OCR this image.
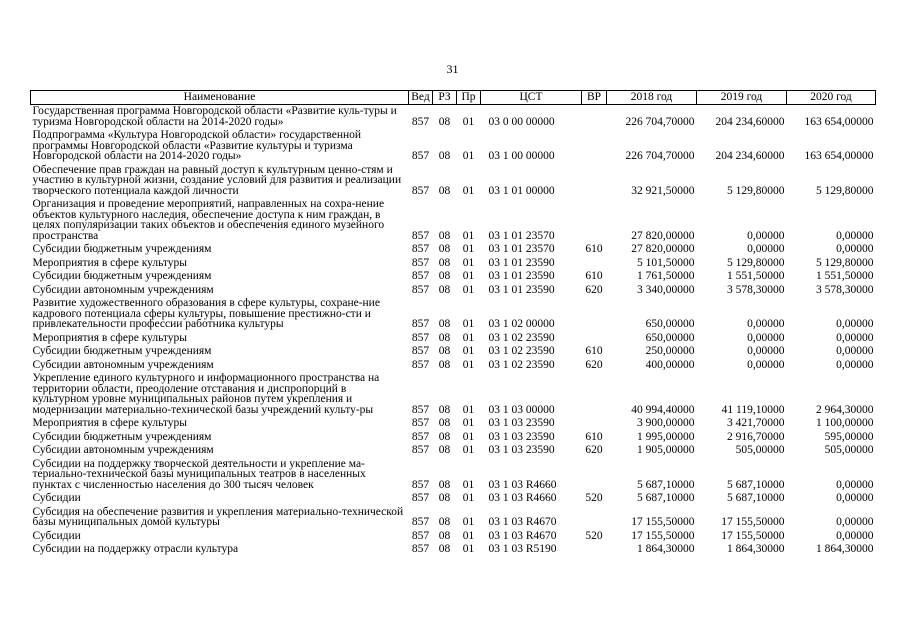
31
Наименование	Вед	РЗ	Пр	ЦСТ	ВР	2018 год	2019 год	2020 год
Государственная программа Новгородской области «Развитие куль-туры и туризма Новгородской области на 2014-2020 годы»	857	08	01	03 0 00 00000		226 704,70000	204 234,60000	163 654,00000
Подпрограмма «Культура Новгородской области» государственной программы Новгородской области «Развитие культуры и туризма Новгородской области на 2014-2020 годы»	857	08	01	03 1 00 00000		226 704,70000	204 234,60000	163 654,00000
Обеспечение прав граждан на равный доступ к культурным ценно-стям и участию в культурной жизни, создание условий для развития и реализации творческого потенциала каждой личности	857	08	01	03 1 01 00000		32 921,50000	5 129,80000	5 129,80000
Организация и проведение мероприятий, направленных на сохра-нение объектов культурного наследия, обеспечение доступа к ним граждан, в целях популяризации таких объектов и обеспечения единого музейного пространства	857	08	01	03 1 01 23570		27 820,00000	0,00000	0,00000
Субсидии бюджетным учреждениям	857	08	01	03 1 01 23570	610	27 820,00000	0,00000	0,00000
Мероприятия в сфере культуры	857	08	01	03 1 01 23590		5 101,50000	5 129,80000	5 129,80000
Субсидии бюджетным учреждениям	857	08	01	03 1 01 23590	610	1 761,50000	1 551,50000	1 551,50000
Субсидии автономным учреждениям	857	08	01	03 1 01 23590	620	3 340,00000	3 578,30000	3 578,30000
Развитие художественного образования в сфере культуры, сохране-ние кадрового потенциала сферы культуры, повышение престижно-сти и привлекательности профессии работника культуры	857	08	01	03 1 02 00000		650,00000	0,00000	0,00000
Мероприятия в сфере культуры	857	08	01	03 1 02 23590		650,00000	0,00000	0,00000
Субсидии бюджетным учреждениям	857	08	01	03 1 02 23590	610	250,00000	0,00000	0,00000
Субсидии автономным учреждениям	857	08	01	03 1 02 23590	620	400,00000	0,00000	0,00000
Укрепление единого культурного и информационного пространства на территории области, преодоление отставания и диспропорций в культурном уровне муниципальных районов путем укрепления и модернизации материально-технической базы учреждений культу-ры	857	08	01	03 1 03 00000		40 994,40000	41 119,10000	2 964,30000
Мероприятия в сфере культуры	857	08	01	03 1 03 23590		3 900,00000	3 421,70000	1 100,00000
Субсидии бюджетным учреждениям	857	08	01	03 1 03 23590	610	1 995,00000	2 916,70000	595,00000
Субсидии автономным учреждениям	857	08	01	03 1 03 23590	620	1 905,00000	505,00000	505,00000
Субсидии на поддержку творческой деятельности и укрепление ма-териально-технической базы муниципальных театров в населенных пунктах с численностью населения до 300 тысяч человек	857	08	01	03 1 03 R4660		5 687,10000	5 687,10000	0,00000
Субсидии	857	08	01	03 1 03 R4660	520	5 687,10000	5 687,10000	0,00000
Субсидия на обеспечение развития и укрепления материально-технической базы муниципальных домой культуры	857	08	01	03 1 03 R4670		17 155,50000	17 155,50000	0,00000
Субсидии	857	08	01	03 1 03 R4670	520	17 155,50000	17 155,50000	0,00000
Субсидии на поддержку отрасли культура	857	08	01	03 1 03 R5190		1 864,30000	1 864,30000	1 864,30000
